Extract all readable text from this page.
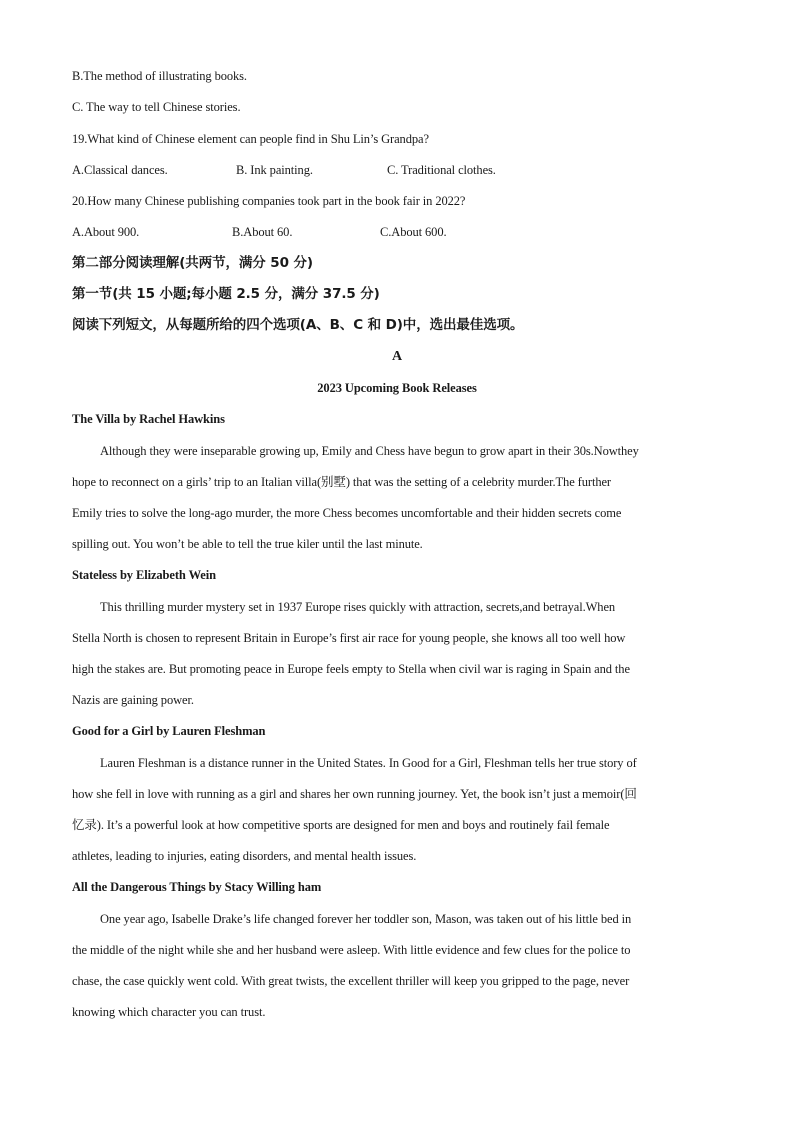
B.The method of illustrating books.
C. The way to tell Chinese stories.
19.What kind of Chinese element can people find in Shu Lin’s Grandpa?
A.Classical dances.	B. Ink painting.	C. Traditional clothes.
20.How many Chinese publishing companies took part in the book fair in 2022?
A.About 900.	B.About 60.	C.About 600.
第二部分阅读理解(共两节，满分 50 分)
第一节(共 15 小题;每小题 2.5 分，满分 37.5 分)
阅读下列短文，从每题所给的四个选项(A、B、C 和 D)中，选出最佳选项。
A
2023 Upcoming Book Releases
The Villa by Rachel Hawkins
Although they were inseparable growing up, Emily and Chess have begun to grow apart in their 30s.Nowthey
hope to reconnect on a girls’ trip to an Italian villa(别墅) that was the setting of a celebrity murder.The further
Emily tries to solve the long-ago murder, the more Chess becomes uncomfortable and their hidden secrets come
spilling out. You won’t be able to tell the true kiler until the last minute.
Stateless by Elizabeth Wein
This thrilling murder mystery set in 1937 Europe rises quickly with attraction, secrets,and betrayal.When
Stella North is chosen to represent Britain in Europe’s first air race for young people, she knows all too well how
high the stakes are. But promoting peace in Europe feels empty to Stella when civil war is raging in Spain and the
Nazis are gaining power.
Good for a Girl by Lauren Fleshman
Lauren Fleshman is a distance runner in the United States. In Good for a Girl, Fleshman tells her true story of
how she fell in love with running as a girl and shares her own running journey. Yet, the book isn’t just a memoir(回
忆录). It’s a powerful look at how competitive sports are designed for men and boys and routinely fail female
athletes, leading to injuries, eating disorders, and mental health issues.
All the Dangerous Things by Stacy Willing ham
One year ago, Isabelle Drake’s life changed forever her toddler son, Mason, was taken out of his little bed in
the middle of the night while she and her husband were asleep. With little evidence and few clues for the police to
chase, the case quickly went cold. With great twists, the excellent thriller will keep you gripped to the page, never
knowing which character you can trust.
